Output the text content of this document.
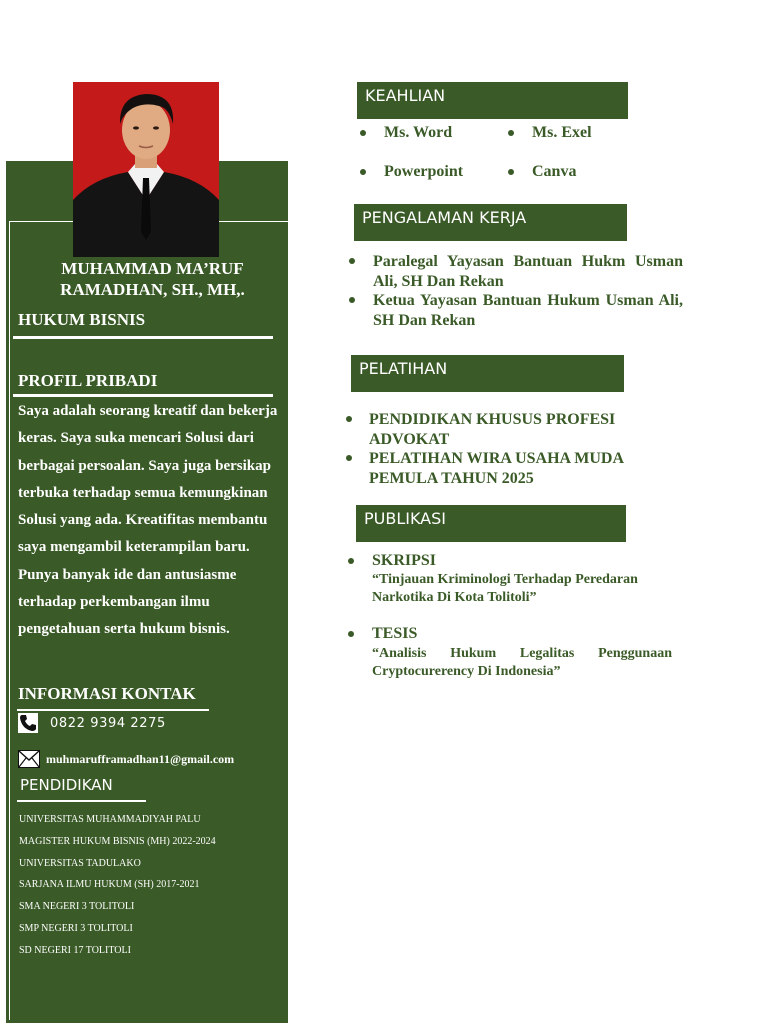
MUHAMMAD MA’RUF RAMADHAN, SH., MH,.
HUKUM BISNIS
PROFIL PRIBADI
Saya adalah seorang kreatif dan bekerja keras. Saya suka mencari Solusi dari berbagai persoalan. Saya juga bersikap terbuka terhadap semua kemungkinan Solusi yang ada. Kreatifitas membantu saya mengambil keterampilan baru. Punya banyak ide dan antusiasme terhadap perkembangan ilmu pengetahuan serta hukum bisnis.
INFORMASI KONTAK
0822 9394 2275
muhmarufframadhan11@gmail.com
PENDIDIKAN
UNIVERSITAS MUHAMMADIYAH PALU
MAGISTER HUKUM BISNIS (MH) 2022-2024
UNIVERSITAS TADULAKO
SARJANA ILMU HUKUM (SH) 2017-2021
SMA NEGERI 3 TOLITOLI
SMP NEGERI 3 TOLITOLI
SD NEGERI 17 TOLITOLI
KEAHLIAN
Ms. Word	Ms. Exel
Powerpoint	Canva
PENGALAMAN KERJA
Paralegal Yayasan Bantuan Hukm Usman Ali, SH Dan Rekan
Ketua Yayasan Bantuan Hukum Usman Ali, SH Dan Rekan
PELATIHAN
PENDIDIKAN KHUSUS PROFESI ADVOKAT
PELATIHAN WIRA USAHA MUDA PEMULA TAHUN 2025
PUBLIKASI
SKRIPSI
“Tinjauan Kriminologi Terhadap Peredaran Narkotika Di Kota Tolitoli”
TESIS
“Analisis Hukum Legalitas Penggunaan Cryptocurerency Di Indonesia”
